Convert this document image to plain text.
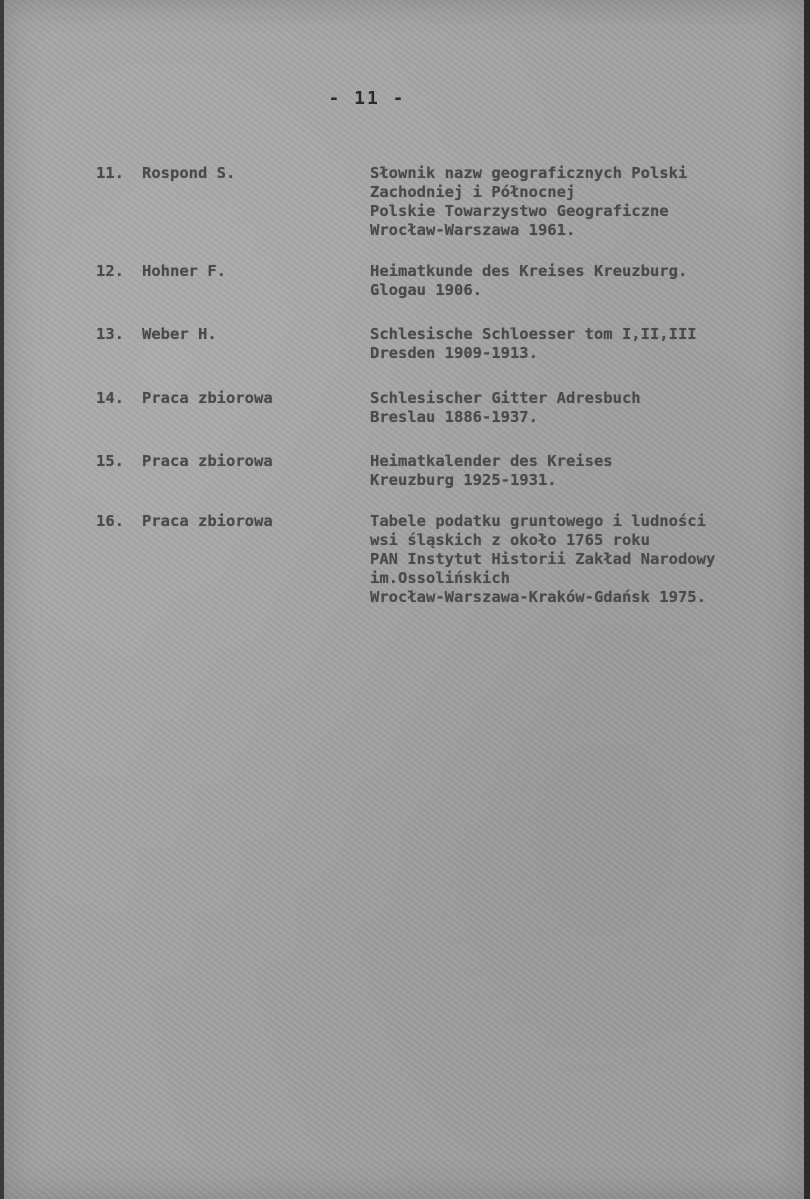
- 11 -
11. Rospond S.	Słownik nazw geograficznych Polski
Zachodniej i Północnej
Polskie Towarzystwo Geograficzne
Wrocław-Warszawa 1961.
12. Hohner F.	Heimatkunde des Kreises Kreuzburg.
Glogau 1906.
13. Weber H.	Schlesische Schloesser tom I,II,III
Dresden 1909-1913.
14. Praca zbiorowa	Schlesischer Gitter Adresbuch
Breslau 1886-1937.
15. Praca zbiorowa	Heimatkalender des Kreises
Kreuzburg 1925-1931.
16. Praca zbiorowa	Tabele podatku gruntowego i ludności
wsi śląskich z około 1765 roku
PAN Instytut Historii Zakład Narodowy
im.Ossolińskich
Wrocław-Warszawa-Kraków-Gdańsk 1975.
